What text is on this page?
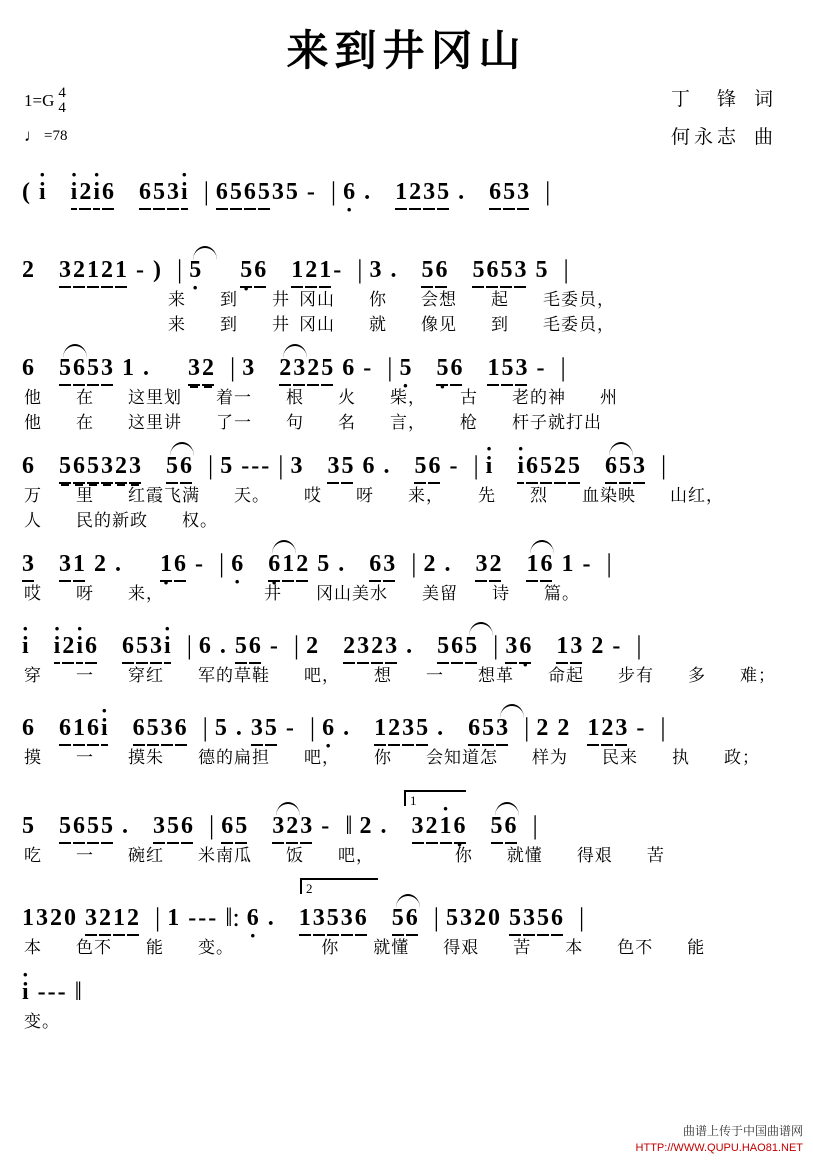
来到井冈山
1=G 4
4
♩ =78
丁　锋 词
何永志 曲
( · i · i2· i6 653· i | 656535 - | 6 · . 1235 . 653 |
2 32121 - ) | 5 · 5 ·6 121- | 3 . 56 5653 5 |
来 到 井 冈山 你 会想 起 毛委员，
来 到 井 冈山 就 像见 到 毛委员，
6 5653 1 . 32 | 3 2325 6 - | 5 · 5 ·6 153 - |
他 在 这里划 着一 根 火 柴， 古 老的神 州
他 在 这里讲 了一 句 名 言， 枪 杆子就打出
6 565323 56 | 5 --- | 3 35 6 . 56 - | · i · i6525 653 |
万 里 红霞飞满 天。 哎 呀 来， 先 烈 血染映 山红，
人 民的新政 权。
3 31 2 . 1 ·6 - | 6 · 6 ·12 5 . 63 | 2 . 32 16 1 - |
哎 呀 来，	井 冈山美水 美留 诗 篇。
· i · i2· i6 653· i | 6 . 56 - | 2 2323 . 565 | 36 · 13 2 - |
穿 一 穿红 军的草鞋 吧， 想 一 想革 命起 步有 多 难；
6 616· i 6536 | 5 . 35 - | 6 · . 1235 . 653 | 2 2 123 - |
摸 一 摸朱 德的扁担 吧， 你 会知道怎 样为 民来 执 政；
1
5 5655 . 356 | 65 323 - ‖ 2 . 32· 16 · 56 |
吃 一 碗红 米南瓜 饭 吧，	你 就懂 得艰 苦
2
1320 3212 | 1 --- ‖: 6 · . 13536 56 | 5320 5356 |
本 色不 能 变。	你 就懂 得艰 苦 本 色不 能
· i --- ‖
变。
曲谱上传于中国曲谱网
HTTP://WWW.QUPU.HAO81.NET
